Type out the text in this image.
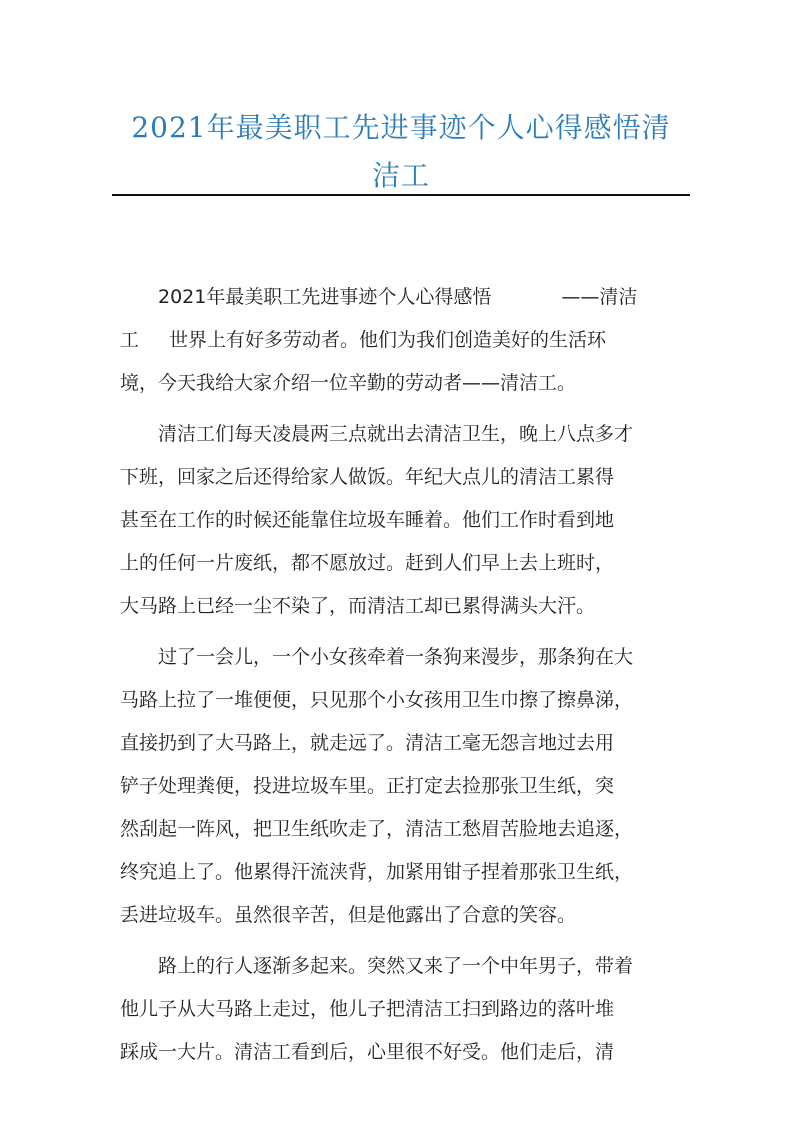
2021年最美职工先进事迹个人心得感悟清
洁工
2021年最美职工先进事迹个人心得感悟	——清洁
工 世界上有好多劳动者。他们为我们创造美好的生活环
境，今天我给大家介绍一位辛勤的劳动者——清洁工。
清洁工们每天凌晨两三点就出去清洁卫生，晚上八点多才
下班，回家之后还得给家人做饭。年纪大点儿的清洁工累得
甚至在工作的时候还能靠住垃圾车睡着。他们工作时看到地
上的任何一片废纸，都不愿放过。赶到人们早上去上班时，
大马路上已经一尘不染了，而清洁工却已累得满头大汗。
过了一会儿，一个小女孩牵着一条狗来漫步，那条狗在大
马路上拉了一堆便便，只见那个小女孩用卫生巾擦了擦鼻涕，
直接扔到了大马路上，就走远了。清洁工毫无怨言地过去用
铲子处理粪便，投进垃圾车里。正打定去捡那张卫生纸，突
然刮起一阵风，把卫生纸吹走了，清洁工愁眉苦脸地去追逐，
终究追上了。他累得汗流浃背，加紧用钳子捏着那张卫生纸，
丢进垃圾车。虽然很辛苦，但是他露出了合意的笑容。
路上的行人逐渐多起来。突然又来了一个中年男子，带着
他儿子从大马路上走过，他儿子把清洁工扫到路边的落叶堆
踩成一大片。清洁工看到后，心里很不好受。他们走后，清
